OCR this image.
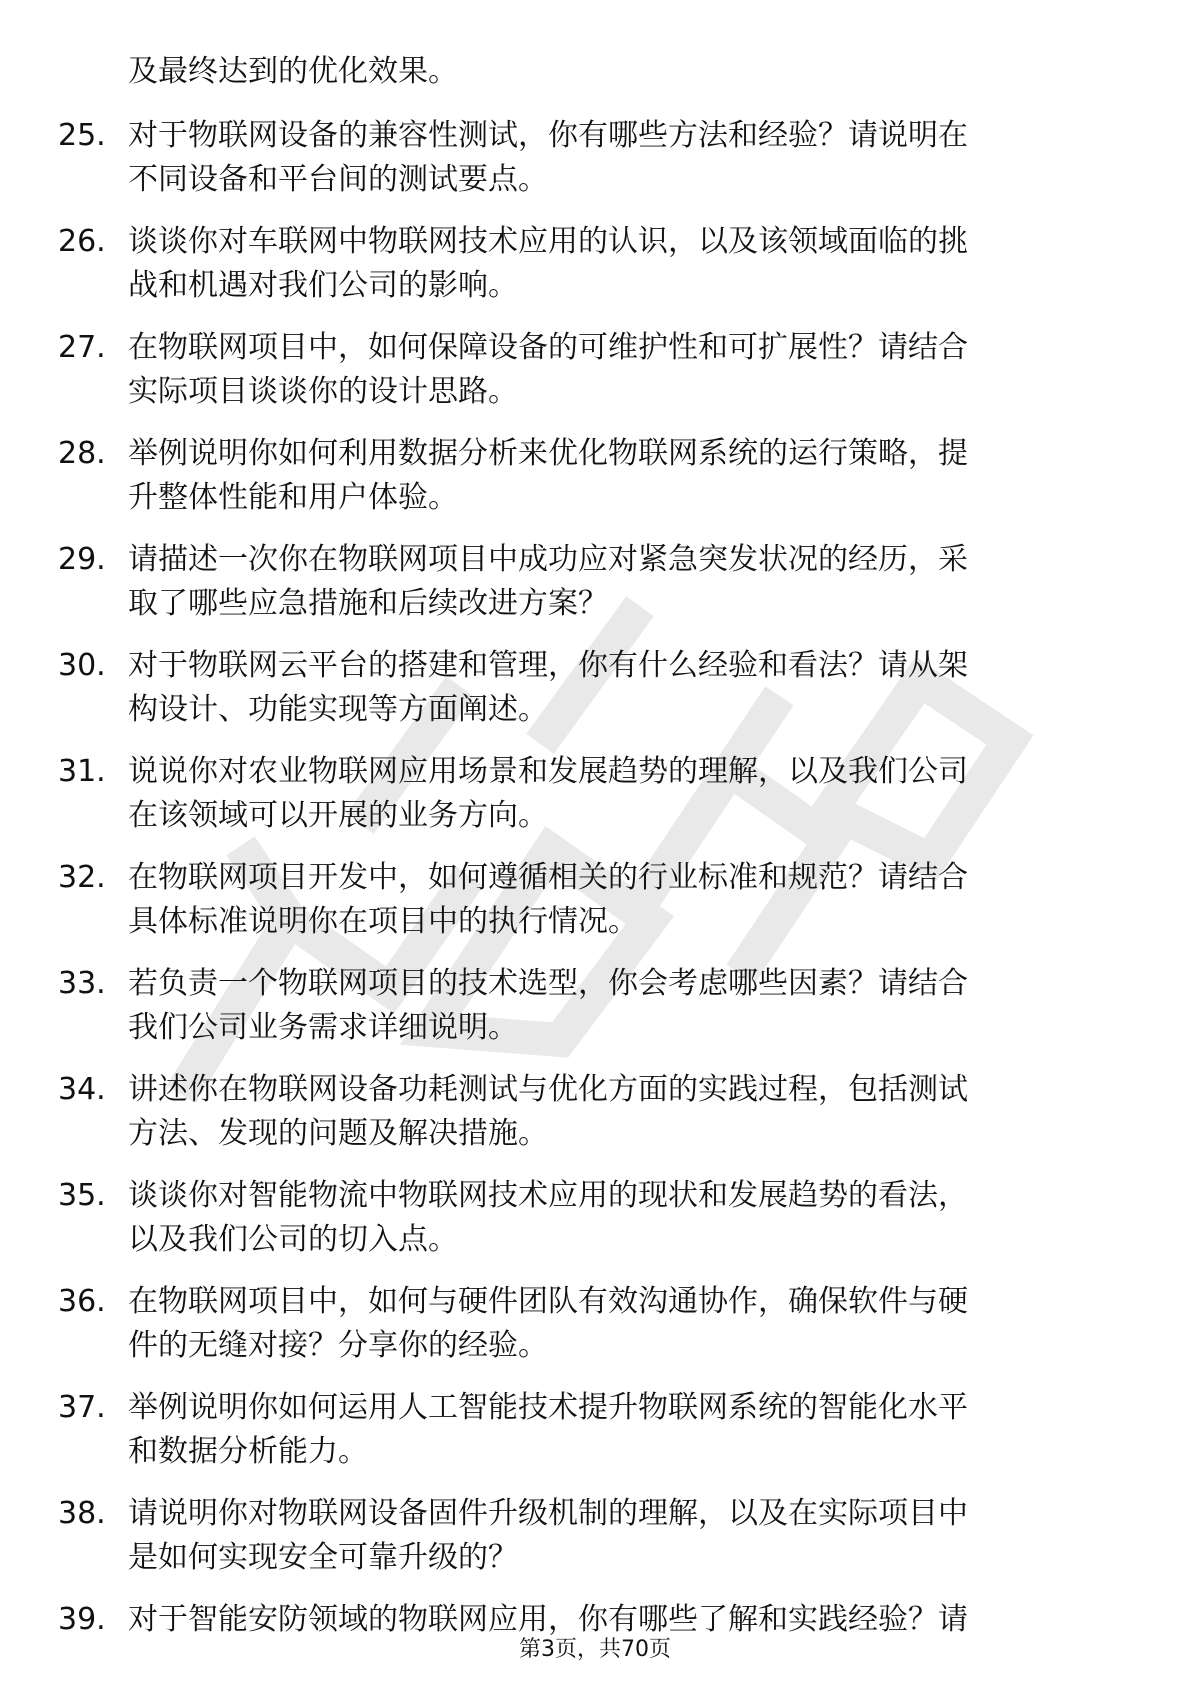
及最终达到的优化效果。
25. 对于物联网设备的兼容性测试，你有哪些方法和经验？请说明在
不同设备和平台间的测试要点。
26. 谈谈你对车联网中物联网技术应用的认识，以及该领域面临的挑
战和机遇对我们公司的影响。
27. 在物联网项目中，如何保障设备的可维护性和可扩展性？请结合
实际项目谈谈你的设计思路。
28. 举例说明你如何利用数据分析来优化物联网系统的运行策略，提
升整体性能和用户体验。
29. 请描述一次你在物联网项目中成功应对紧急突发状况的经历，采
取了哪些应急措施和后续改进方案？
30. 对于物联网云平台的搭建和管理，你有什么经验和看法？请从架
构设计、功能实现等方面阐述。
31. 说说你对农业物联网应用场景和发展趋势的理解，以及我们公司
在该领域可以开展的业务方向。
32. 在物联网项目开发中，如何遵循相关的行业标准和规范？请结合
具体标准说明你在项目中的执行情况。
33. 若负责一个物联网项目的技术选型，你会考虑哪些因素？请结合
我们公司业务需求详细说明。
34. 讲述你在物联网设备功耗测试与优化方面的实践过程，包括测试
方法、发现的问题及解决措施。
35. 谈谈你对智能物流中物联网技术应用的现状和发展趋势的看法，
以及我们公司的切入点。
36. 在物联网项目中，如何与硬件团队有效沟通协作，确保软件与硬
件的无缝对接？分享你的经验。
37. 举例说明你如何运用人工智能技术提升物联网系统的智能化水平
和数据分析能力。
38. 请说明你对物联网设备固件升级机制的理解，以及在实际项目中
是如何实现安全可靠升级的？
39. 对于智能安防领域的物联网应用，你有哪些了解和实践经验？请
第3页，共70页
